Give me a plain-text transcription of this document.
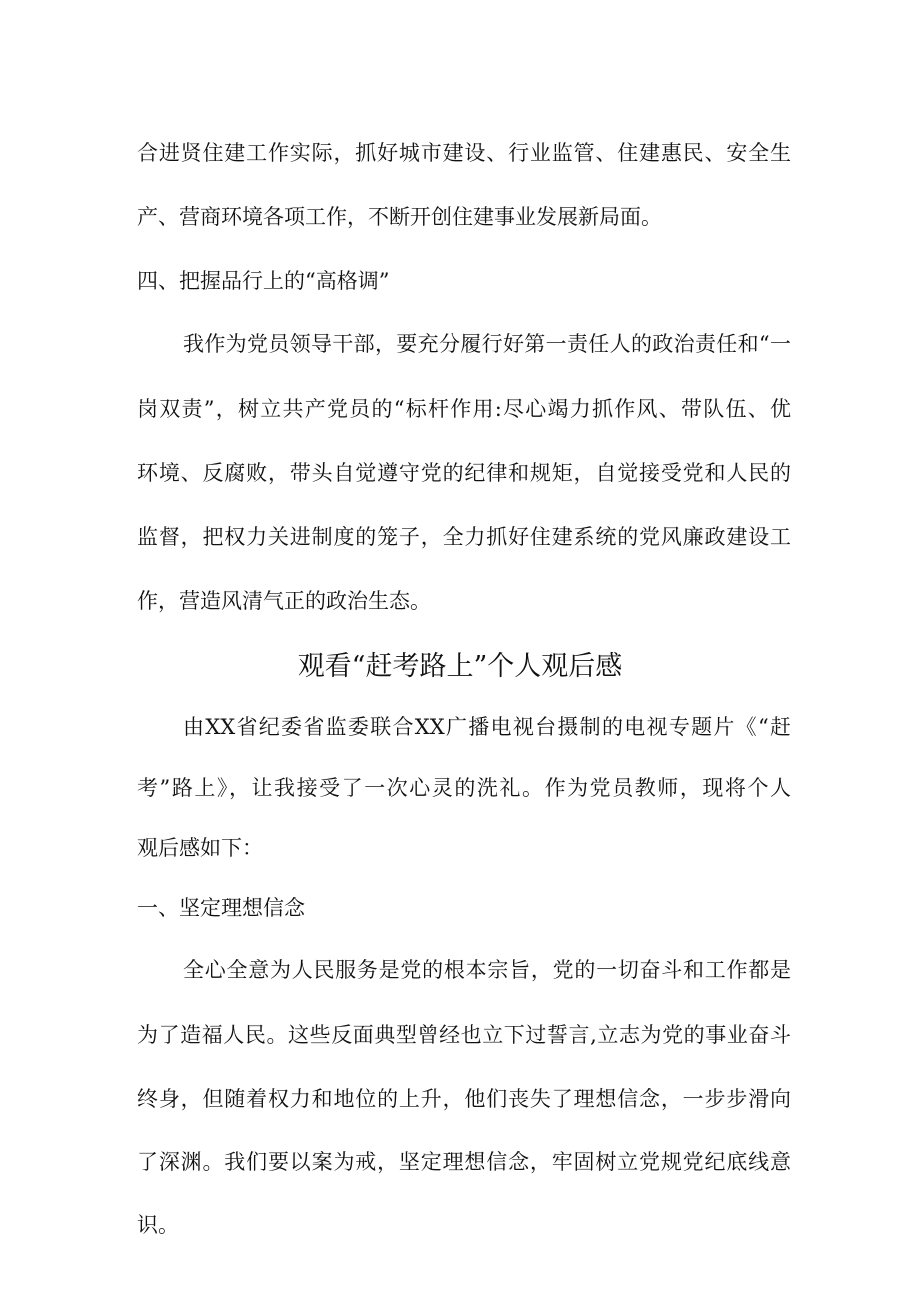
合进贤住建工作实际，抓好城市建设、行业监管、住建惠民、安全生
产、营商环境各项工作，不断开创住建事业发展新局面。
四、把握品行上的“高格调”
我作为党员领导干部，要充分履行好第一责任人的政治责任和“一
岗双责”，树立共产党员的“标杆作用:尽心竭力抓作风、带队伍、优
环境、反腐败，带头自觉遵守党的纪律和规矩，自觉接受党和人民的
监督，把权力关进制度的笼子，全力抓好住建系统的党风廉政建设工
作，营造风清气正的政治生态。
观看“赶考路上”个人观后感
由XX省纪委省监委联合XX广播电视台摄制的电视专题片《“赶
考”路上》，让我接受了一次心灵的洗礼。作为党员教师，现将个人
观后感如下：
一、坚定理想信念
全心全意为人民服务是党的根本宗旨，党的一切奋斗和工作都是
为了造福人民。这些反面典型曾经也立下过誓言,立志为党的事业奋斗
终身，但随着权力和地位的上升，他们丧失了理想信念，一步步滑向
了深渊。我们要以案为戒，坚定理想信念，牢固树立党规党纪底线意
识。
